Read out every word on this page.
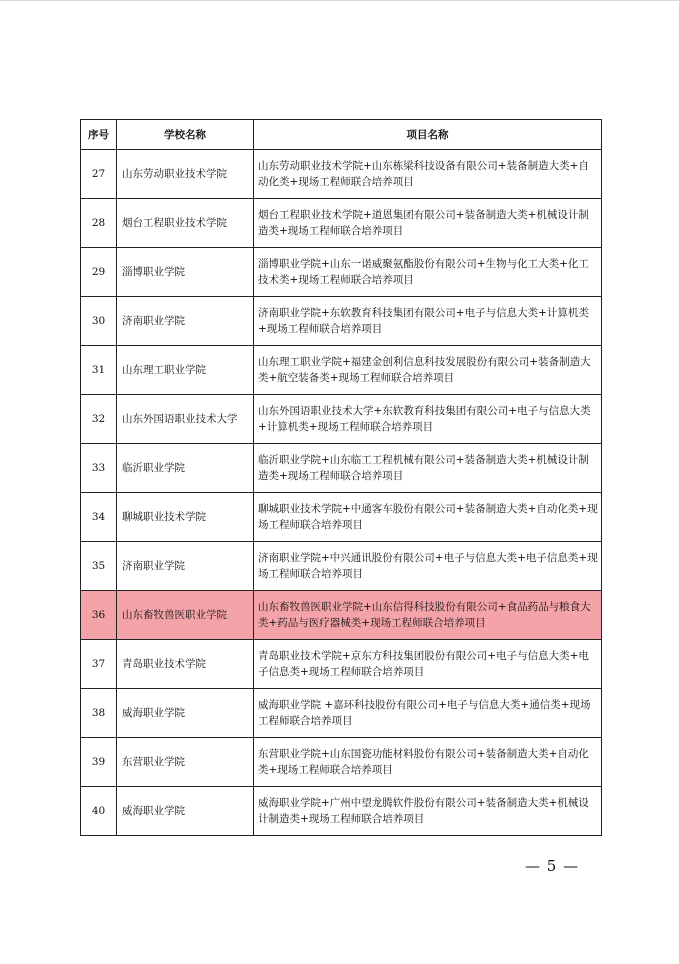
序号	学校名称	项目名称
27	山东劳动职业技术学院	山东劳动职业技术学院+山东栋梁科技设备有限公司+装备制造大类+自动化类+现场工程师联合培养项目
28	烟台工程职业技术学院	烟台工程职业技术学院+道恩集团有限公司+装备制造大类+机械设计制造类+现场工程师联合培养项目
29	淄博职业学院	淄博职业学院+山东一诺威聚氨酯股份有限公司+生物与化工大类+化工技术类+现场工程师联合培养项目
30	济南职业学院	济南职业学院+东软教育科技集团有限公司+电子与信息大类+计算机类+现场工程师联合培养项目
31	山东理工职业学院	山东理工职业学院+福建金创利信息科技发展股份有限公司+装备制造大类+航空装备类+现场工程师联合培养项目
32	山东外国语职业技术大学	山东外国语职业技术大学+东软教育科技集团有限公司+电子与信息大类+计算机类+现场工程师联合培养项目
33	临沂职业学院	临沂职业学院+山东临工工程机械有限公司+装备制造大类+机械设计制造类+现场工程师联合培养项目
34	聊城职业技术学院	聊城职业技术学院+中通客车股份有限公司+装备制造大类+自动化类+现场工程师联合培养项目
35	济南职业学院	济南职业学院+中兴通讯股份有限公司+电子与信息大类+电子信息类+现场工程师联合培养项目
36	山东畜牧兽医职业学院	山东畜牧兽医职业学院+山东信得科技股份有限公司+食品药品与粮食大类+药品与医疗器械类+现场工程师联合培养项目
37	青岛职业技术学院	青岛职业技术学院+京东方科技集团股份有限公司+电子与信息大类+电子信息类+现场工程师联合培养项目
38	威海职业学院	威海职业学院 +嘉环科技股份有限公司+电子与信息大类+通信类+现场工程师联合培养项目
39	东营职业学院	东营职业学院+山东国瓷功能材料股份有限公司+装备制造大类+自动化类+现场工程师联合培养项目
40	威海职业学院	威海职业学院+广州中望龙腾软件股份有限公司+装备制造大类+机械设计制造类+现场工程师联合培养项目
— 5 —
